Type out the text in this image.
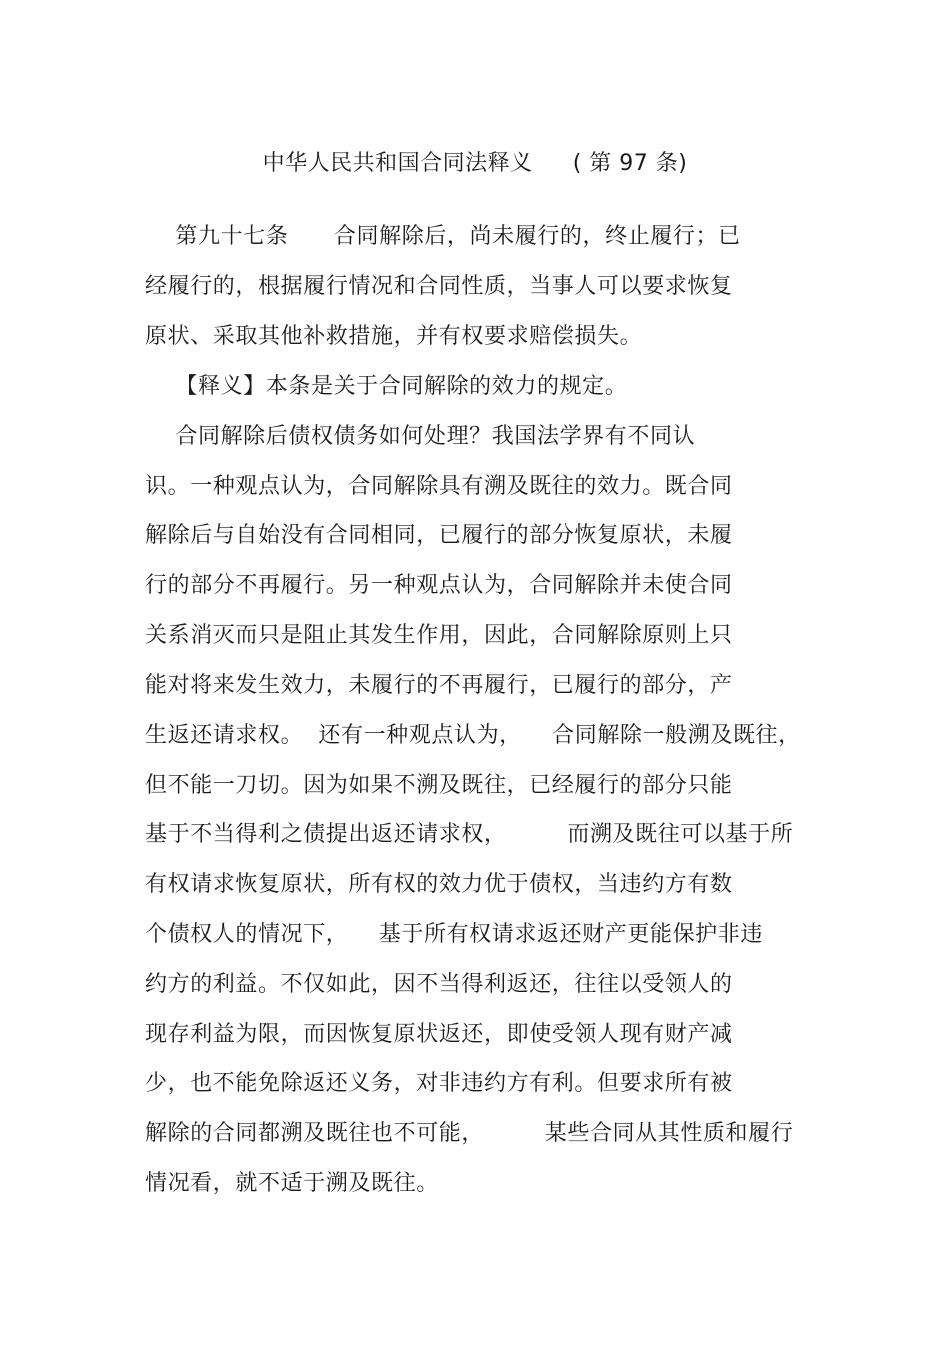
中华人民共和国合同法释义 ( 第 97 条)
第九十七条      合同解除后，尚未履行的，终止履行；已
经履行的，根据履行情况和合同性质，当事人可以要求恢复
原状、采取其他补救措施，并有权要求赔偿损失。
【释义】本条是关于合同解除的效力的规定。
合同解除后债权债务如何处理？我国法学界有不同认
识。一种观点认为，合同解除具有溯及既往的效力。既合同
解除后与自始没有合同相同，已履行的部分恢复原状，未履
行的部分不再履行。另一种观点认为，合同解除并未使合同
关系消灭而只是阻止其发生作用，因此，合同解除原则上只
能对将来发生效力，未履行的不再履行，已履行的部分，产
生返还请求权。  还有一种观点认为，    合同解除一般溯及既往，
但不能一刀切。因为如果不溯及既往，已经履行的部分只能
基于不当得利之债提出返还请求权，        而溯及既往可以基于所
有权请求恢复原状，所有权的效力优于债权，当违约方有数
个债权人的情况下，    基于所有权请求返还财产更能保护非违
约方的利益。不仅如此，因不当得利返还，往往以受领人的
现存利益为限，而因恢复原状返还，即使受领人现有财产减
少，也不能免除返还义务，对非违约方有利。但要求所有被
解除的合同都溯及既往也不可能，        某些合同从其性质和履行
情况看，就不适于溯及既往。
